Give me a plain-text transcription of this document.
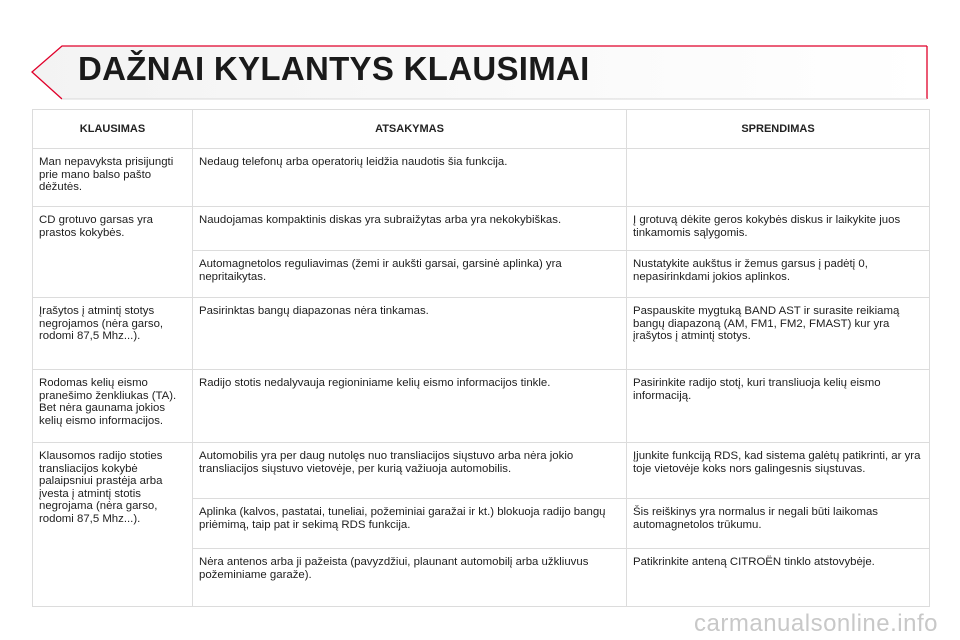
DAŽNAI KYLANTYS KLAUSIMAI
KLAUSIMAS	ATSAKYMAS	SPRENDIMAS

Man nepavyksta prisijungti prie mano balso pašto dėžutės.	Nedaug telefonų arba operatorių leidžia naudotis šia funkcija.	

CD grotuvo garsas yra prastos kokybės.	Naudojamas kompaktinis diskas yra subraižytas arba yra nekokybiškas.	Į grotuvą dėkite geros kokybės diskus ir laikykite juos tinkamomis sąlygomis.

	Automagnetolos reguliavimas (žemi ir aukšti garsai, garsinė aplinka) yra nepritaikytas.	Nustatykite aukštus ir žemus garsus į padėtį 0, nepasirinkdami jokios aplinkos.

Įrašytos į atmintį stotys negrojamos (nėra garso, rodomi 87,5 Mhz...).	Pasirinktas bangų diapazonas nėra tinkamas.	Paspauskite mygtuką BAND AST ir surasite reikiamą bangų diapazoną (AM, FM1, FM2, FMAST) kur yra įrašytos į atmintį stotys.

Rodomas kelių eismo pranešimo ženkliukas (TA). Bet nėra gaunama jokios kelių eismo informacijos.	Radijo stotis nedalyvauja regioniniame kelių eismo informacijos tinkle.	Pasirinkite radijo stotį, kuri transliuoja kelių eismo informaciją.

Klausomos radijo stoties transliacijos kokybė palaipsniui prastėja arba įvesta į atmintį stotis negrojama (nėra garso, rodomi 87,5 Mhz...).	Automobilis yra per daug nutolęs nuo transliacijos siųstuvo arba nėra jokio transliacijos siųstuvo vietovėje, per kurią važiuoja automobilis.	Įjunkite funkciją RDS, kad sistema galėtų patikrinti, ar yra toje vietovėje koks nors galingesnis siųstuvas.

	Aplinka (kalvos, pastatai, tuneliai, požeminiai garažai ir kt.) blokuoja radijo bangų priėmimą, taip pat ir sekimą RDS funkcija.	Šis reiškinys yra normalus ir negali būti laikomas automagnetolos trūkumu.

	Nėra antenos arba ji pažeista (pavyzdžiui, plaunant automobilį arba užkliuvus požeminiame garaže).	Patikrinkite anteną CITROËN tinklo atstovybėje.
carmanualsonline.info
